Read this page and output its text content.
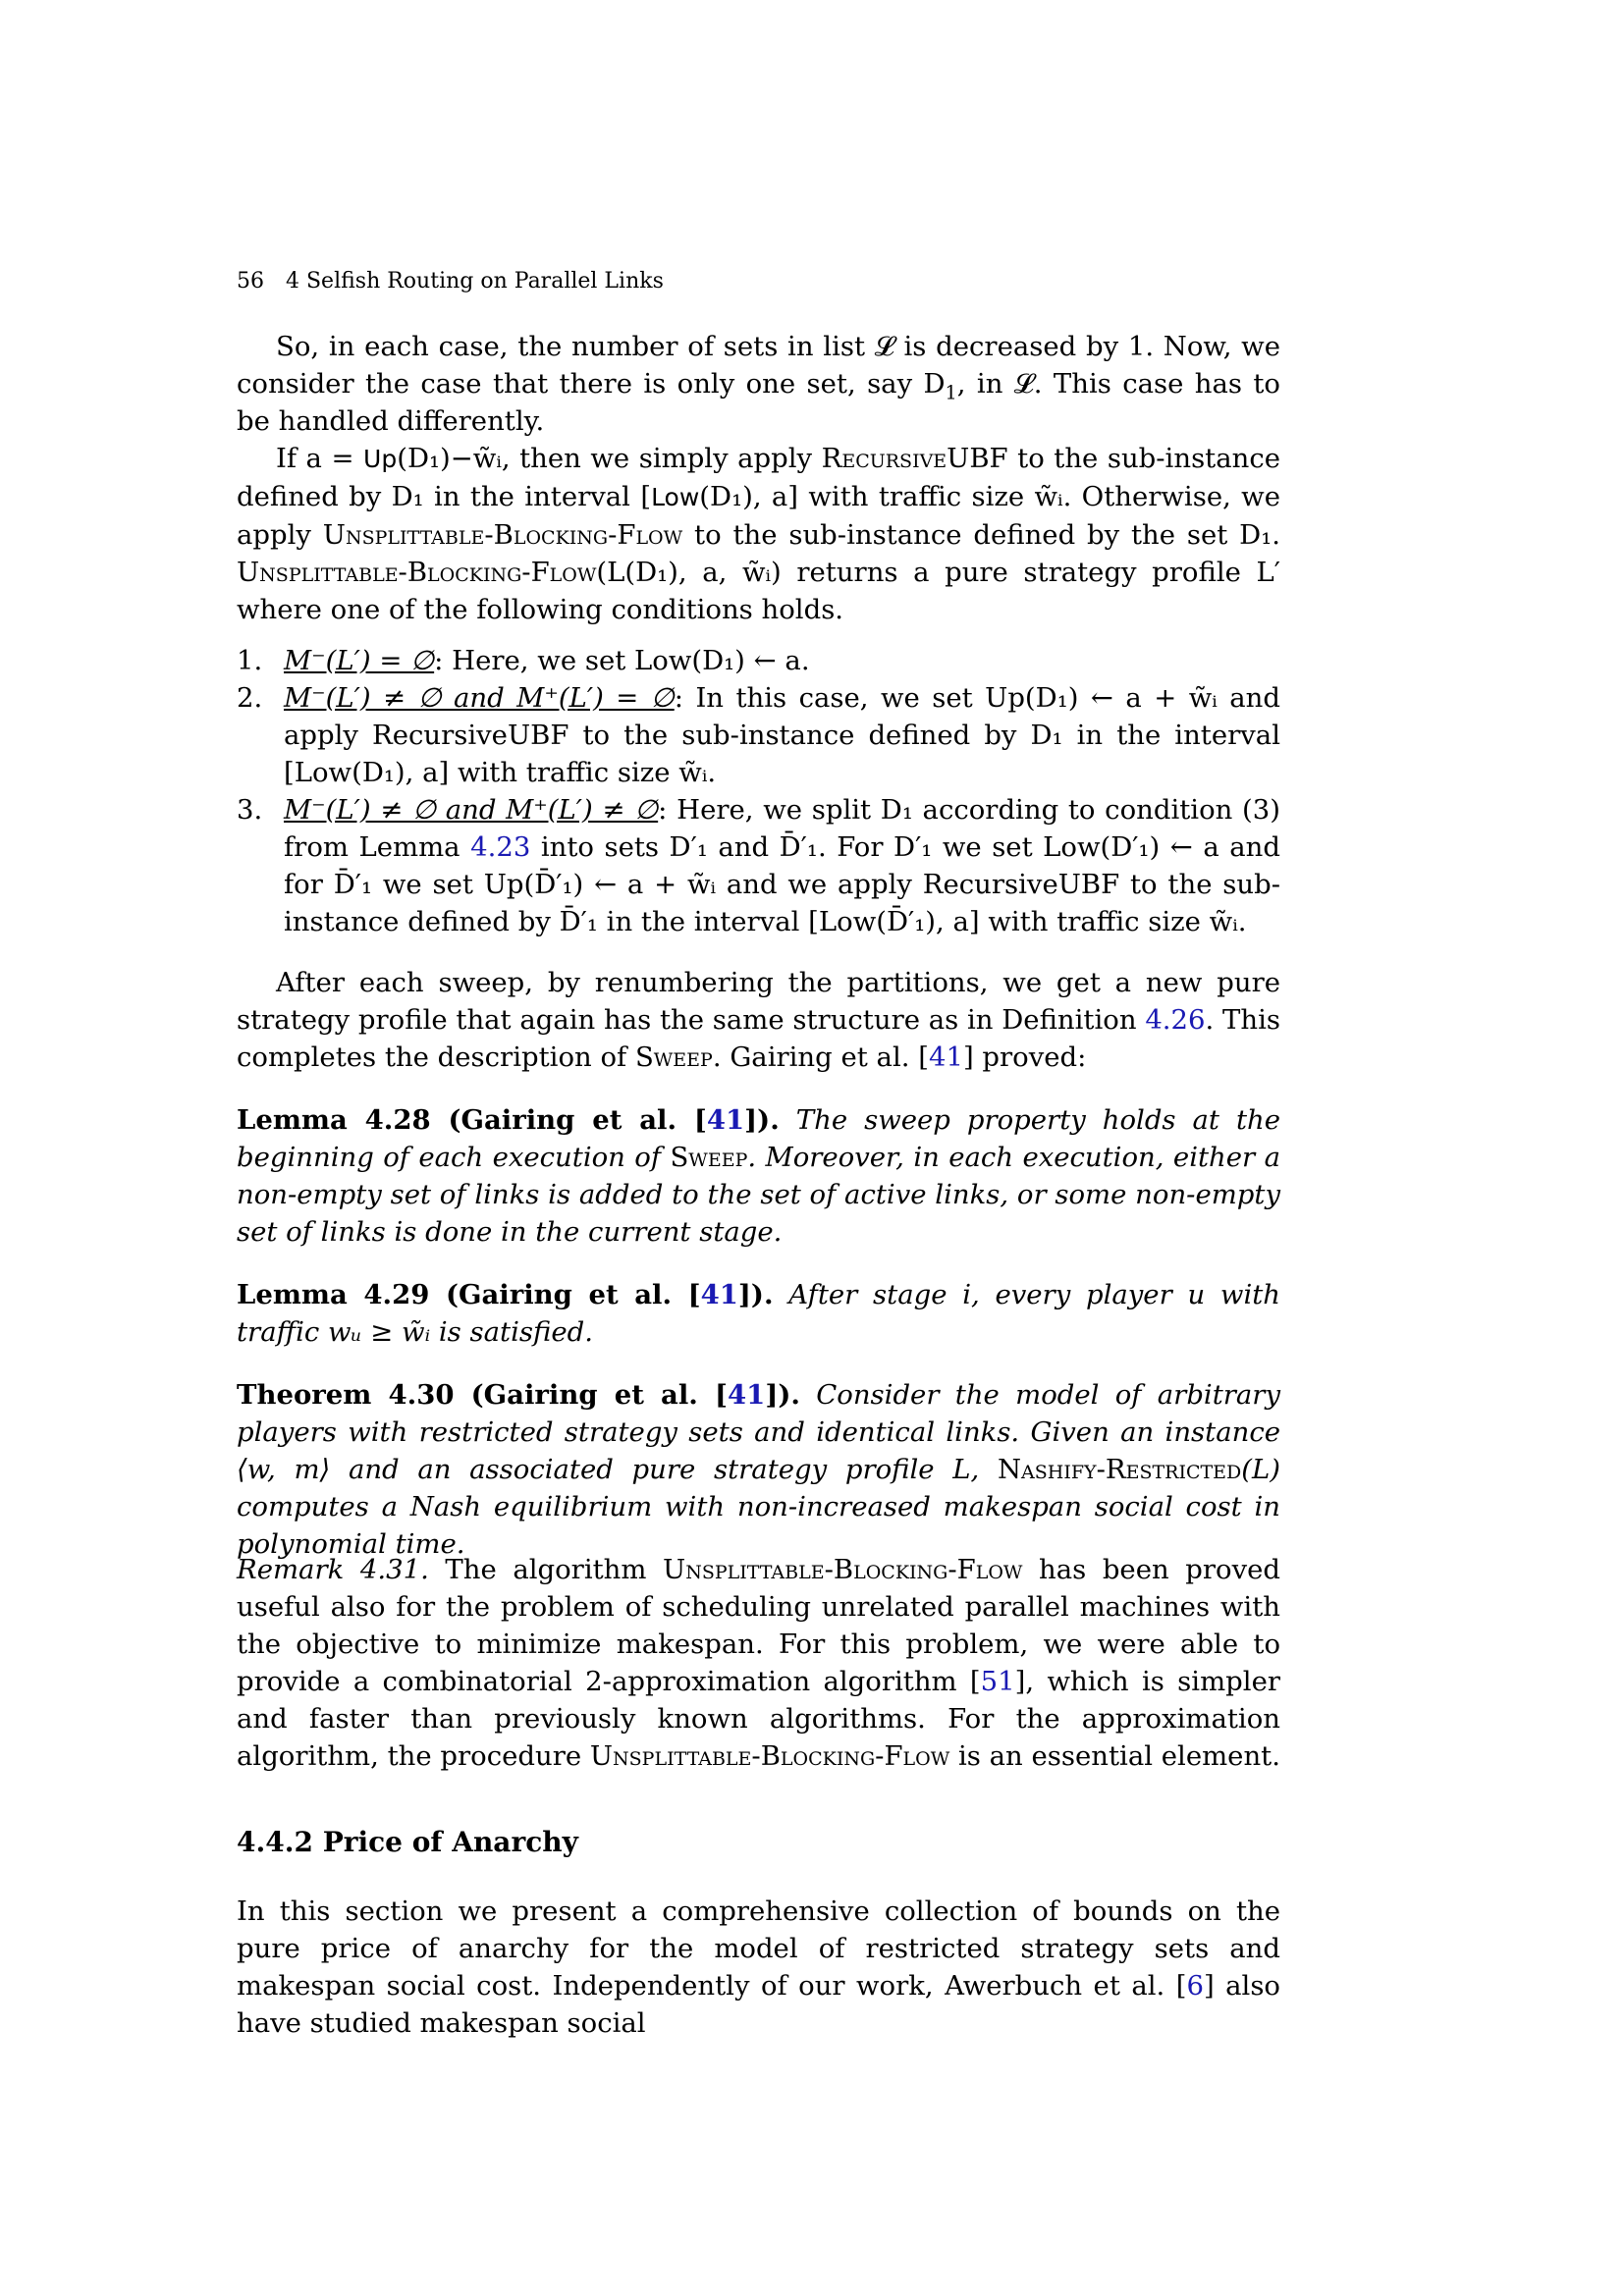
56 4 Selfish Routing on Parallel Links

So, in each case, the number of sets in list 𝓛 is decreased by 1. Now, we consider the case that there is only one set, say $D_1$, in 𝓛. This case has to be handled differently.

If a = Up(D₁)−w̃ᵢ, then we simply apply RecursiveUBF to the sub-instance defined by D₁ in the interval [Low(D₁), a] with traffic size w̃ᵢ. Otherwise, we apply Unsplittable-Blocking-Flow to the sub-instance defined by the set D₁. Unsplittable-Blocking-Flow(L(D₁), a, w̃ᵢ) returns a pure strategy profile L′ where one of the following conditions holds.

1. M⁻(L′) = ∅: Here, we set Low(D₁) ← a.
2. M⁻(L′) ≠ ∅ and M⁺(L′) = ∅: In this case, we set Up(D₁) ← a + w̃ᵢ and apply RecursiveUBF to the sub-instance defined by D₁ in the interval [Low(D₁), a] with traffic size w̃ᵢ.
3. M⁻(L′) ≠ ∅ and M⁺(L′) ≠ ∅: Here, we split D₁ according to condition (3) from Lemma 4.23 into sets D′₁ and D̄′₁. For D′₁ we set Low(D′₁) ← a and for D̄′₁ we set Up(D̄′₁) ← a + w̃ᵢ and we apply RecursiveUBF to the sub-instance defined by D̄′₁ in the interval [Low(D̄′₁), a] with traffic size w̃ᵢ.

After each sweep, by renumbering the partitions, we get a new pure strategy profile that again has the same structure as in Definition 4.26. This completes the description of Sweep. Gairing et al. [41] proved:

Lemma 4.28 (Gairing et al. [41]). The sweep property holds at the beginning of each execution of Sweep. Moreover, in each execution, either a non-empty set of links is added to the set of active links, or some non-empty set of links is done in the current stage.

Lemma 4.29 (Gairing et al. [41]). After stage i, every player u with traffic wᵤ ≥ w̃ᵢ is satisfied.

Theorem 4.30 (Gairing et al. [41]). Consider the model of arbitrary players with restricted strategy sets and identical links. Given an instance ⟨w, m⟩ and an associated pure strategy profile L, Nashify-Restricted(L) computes a Nash equilibrium with non-increased makespan social cost in polynomial time.

Remark 4.31. The algorithm Unsplittable-Blocking-Flow has been proved useful also for the problem of scheduling unrelated parallel machines with the objective to minimize makespan. For this problem, we were able to provide a combinatorial 2-approximation algorithm [51], which is simpler and faster than previously known algorithms. For the approximation algorithm, the procedure Unsplittable-Blocking-Flow is an essential element.

4.4.2 Price of Anarchy

In this section we present a comprehensive collection of bounds on the pure price of anarchy for the model of restricted strategy sets and makespan social cost. Independently of our work, Awerbuch et al. [6] also have studied makespan social
